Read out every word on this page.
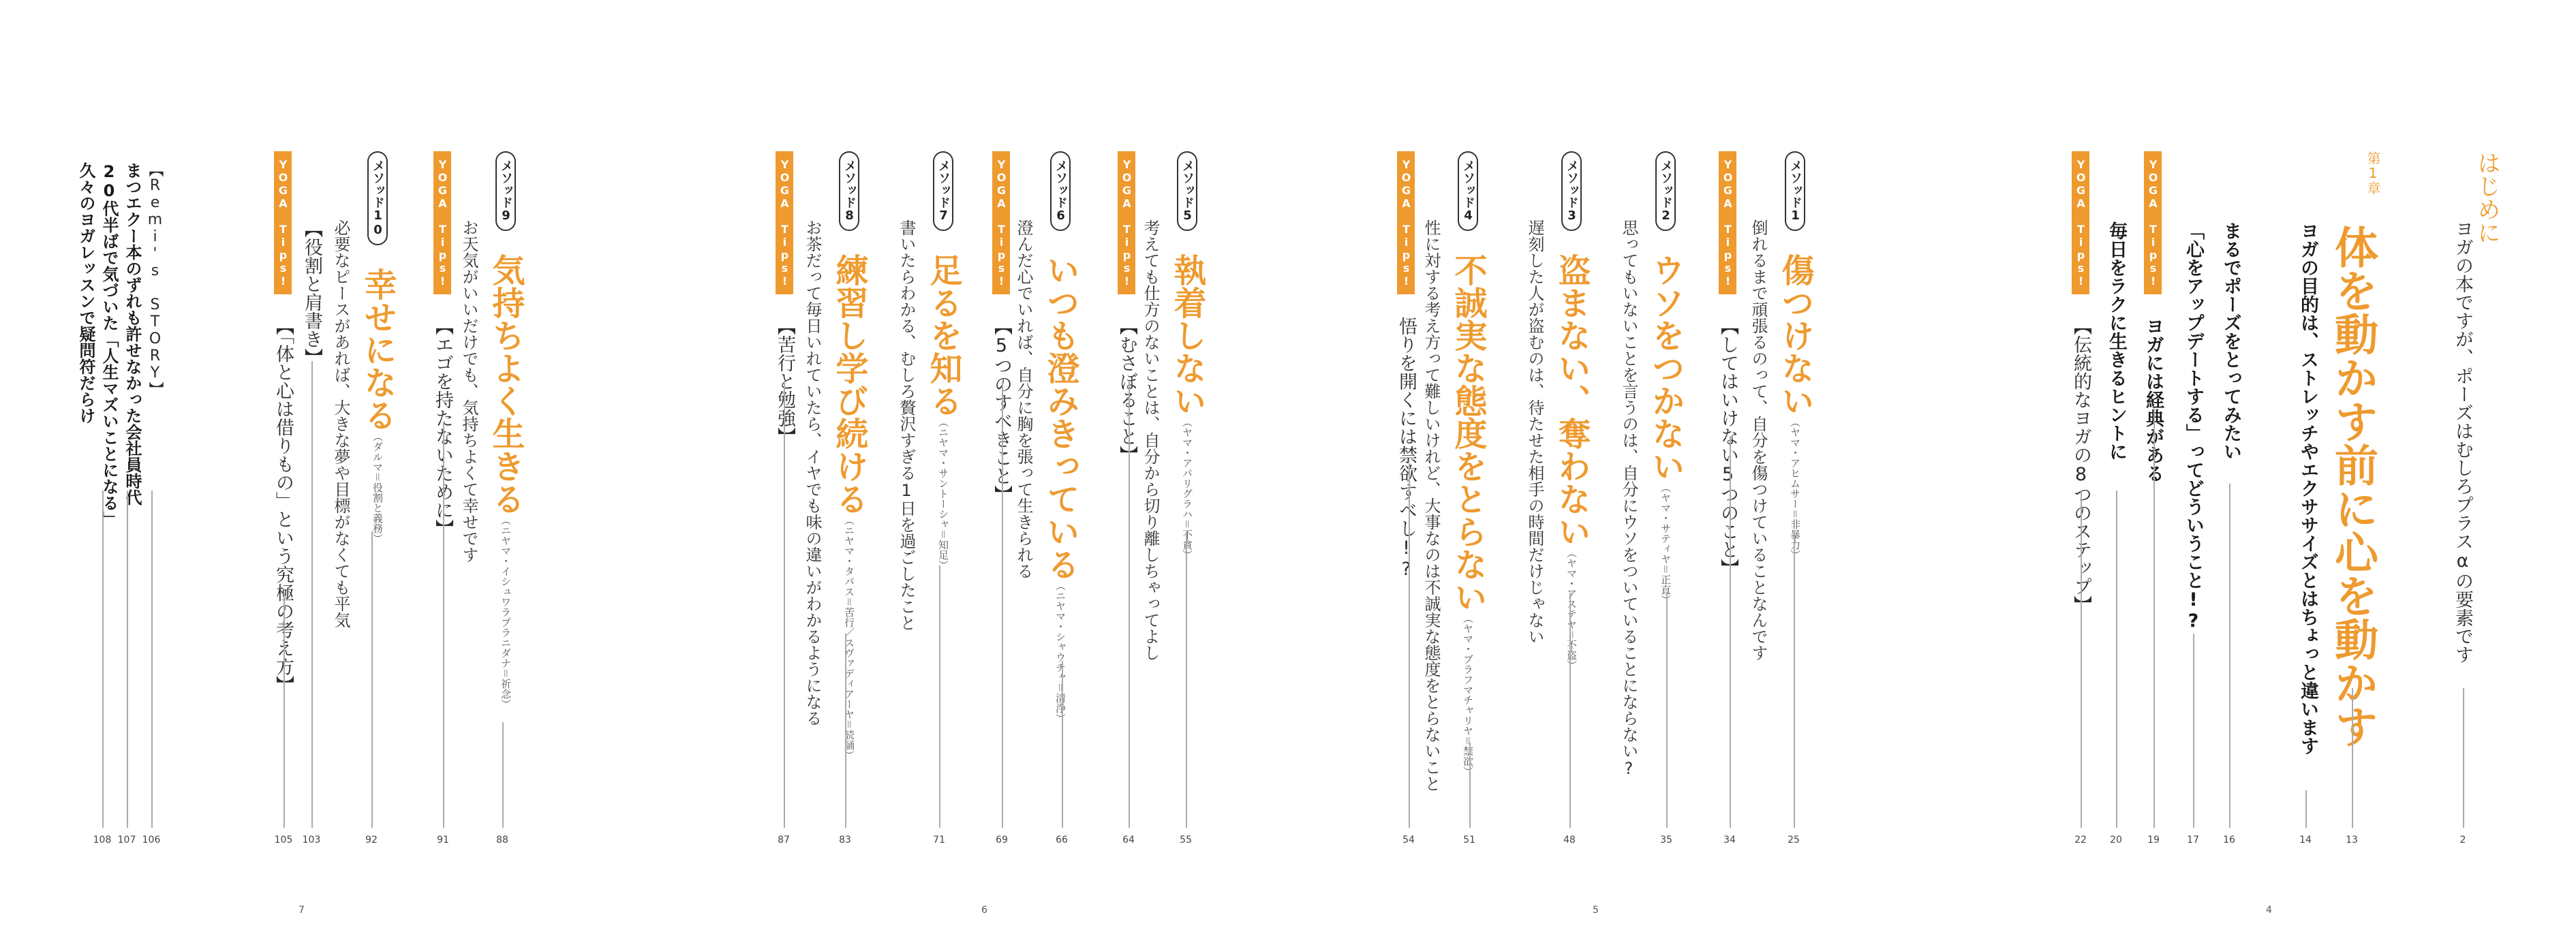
はじめに
ヨガの本ですが、ポーズはむしろプラスαの要素です
2
第1章
体を動かす前に心を動かす
13
ヨガの目的は、ストレッチやエクササイズとはちょっと違います
14
まるでポーズをとってみたい
16
「心をアップデートする」ってどういうこと!?
17
YOGA Tips! ヨガには経典がある
19
毎日をラクに生きるヒントに
20
YOGA Tips! 【伝統的なヨガの8つのステップ】
22
4
メソッド1 傷つけない（ヤマ・アヒムサー＝非暴力）
25
倒れるまで頑張るのって、自分を傷つけていることなんです
YOGA Tips! 【してはいけない5つのこと】
34
メソッド2 ウソをつかない（ヤマ・サティヤ＝正直）
35
思ってもいないことを言うのは、自分にウソをついていることにならない?
メソッド3 盗まない、奪わない（ヤマ・アステヤ＝不盗）
48
遅刻した人が盗むのは、待たせた相手の時間だけじゃない
メソッド4 不誠実な態度をとらない（ヤマ・ブラフマチャリヤ＝禁欲）
51
性に対する考え方って難しいけれど、大事なのは不誠実な態度をとらないこと
YOGA Tips! 悟りを開くには禁欲すべし!?
54
5
メソッド5 執着しない（ヤマ・アパリグラハ＝不貪）
55
考えても仕方のないことは、自分から切り離しちゃってよし
YOGA Tips! 【むさぼること】
64
メソッド6 いつも澄みきっている（ニヤマ・シャウチャ＝清浄）
66
澄んだ心でいれば、自分に胸を張って生きられる
YOGA Tips! 【5つのすべきこと】
69
メソッド7 足るを知る（ニヤマ・サントーシャ＝知足）
71
書いたらわかる、むしろ贅沢すぎる1日を過ごしたこと
メソッド8 練習し学び続ける（ニヤマ・タパス＝苦行／スヴァディアーヤ＝読誦）
83
お茶だって毎日いれていたら、イヤでも味の違いがわかるようになる
YOGA Tips! 【苦行と勉強】
87
6
メソッド9 気持ちよく生きる（ニヤマ・イシュワラプラニダナ＝祈念）
88
お天気がいいだけでも、気持ちよくて幸せです
YOGA Tips! 【エゴを持たないために】
91
メソッド10 幸せになる（ダルマ＝役割と義務）
92
必要なピースがあれば、大きな夢や目標がなくても平気
【役割と肩書き】
103
YOGA Tips! 【「体と心は借りもの」という究極の考え方】
105
【Remi's STORY】
まつエクー本のずれも許せなかった会社員時代
106
20代半ばで気づいた「人生マズいことになる」
107
久々のヨガレッスンで疑問符だらけ
108
7
